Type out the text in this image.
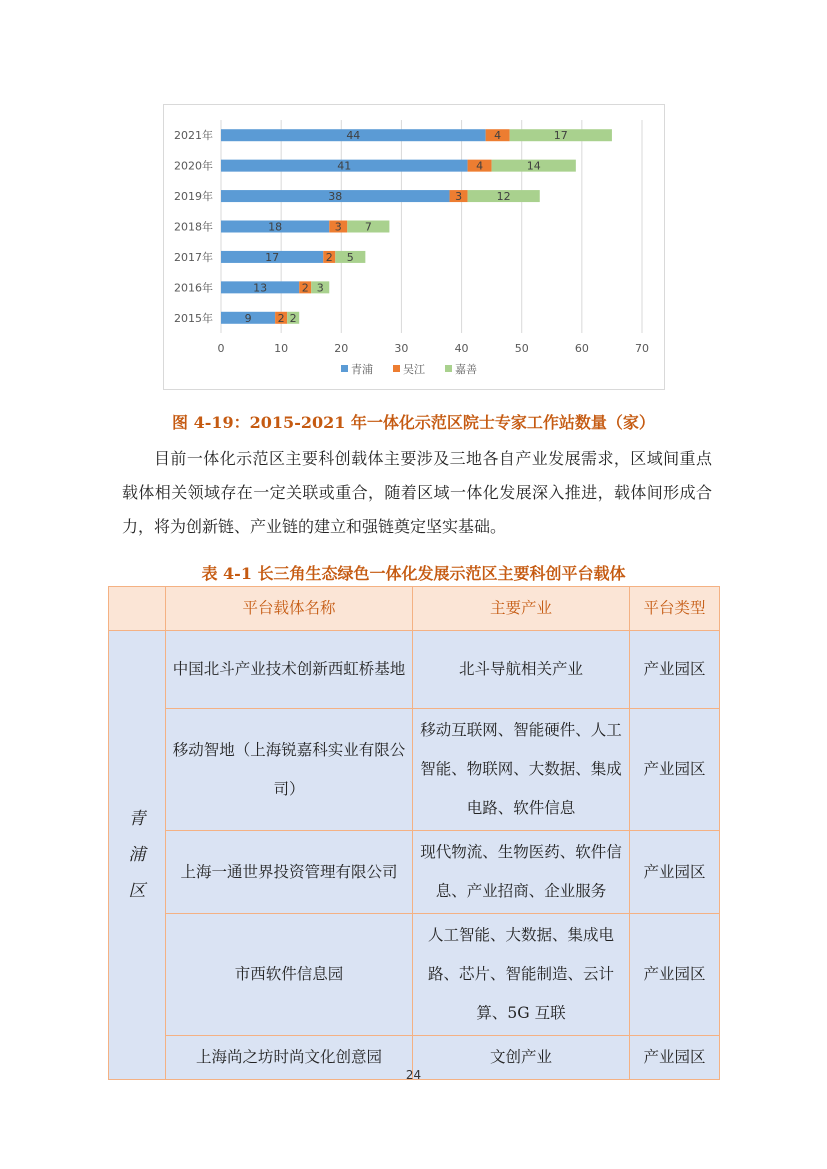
0	10	20	30	40	50	60	70
2021年	44	4	17
2020年	41	4	14
2019年	38	3	12
2018年	18	3 7
2017年	17	2 5
2016年	13	2 3
2015年	9 2 2
青浦	吴江	嘉善
图 4-19：2015-2021 年一体化示范区院士专家工作站数量（家）

目前一体化示范区主要科创载体主要涉及三地各自产业发展需求，区域间重点载体相关领域存在一定关联或重合，随着区域一体化发展深入推进，载体间形成合力，将为创新链、产业链的建立和强链奠定坚实基础。

表 4-1 长三角生态绿色一体化发展示范区主要科创平台载体
	平台载体名称	主要产业	平台类型
青浦区	中国北斗产业技术创新西虹桥基地	北斗导航相关产业	产业园区
	移动智地（上海锐嘉科实业有限公司）	移动互联网、智能硬件、人工智能、物联网、大数据、集成电路、软件信息	产业园区
	上海一通世界投资管理有限公司	现代物流、生物医药、软件信息、产业招商、企业服务	产业园区
	市西软件信息园	人工智能、大数据、集成电路、芯片、智能制造、云计算、5G 互联	产业园区
	上海尚之坊时尚文化创意园	文创产业	产业园区
24
